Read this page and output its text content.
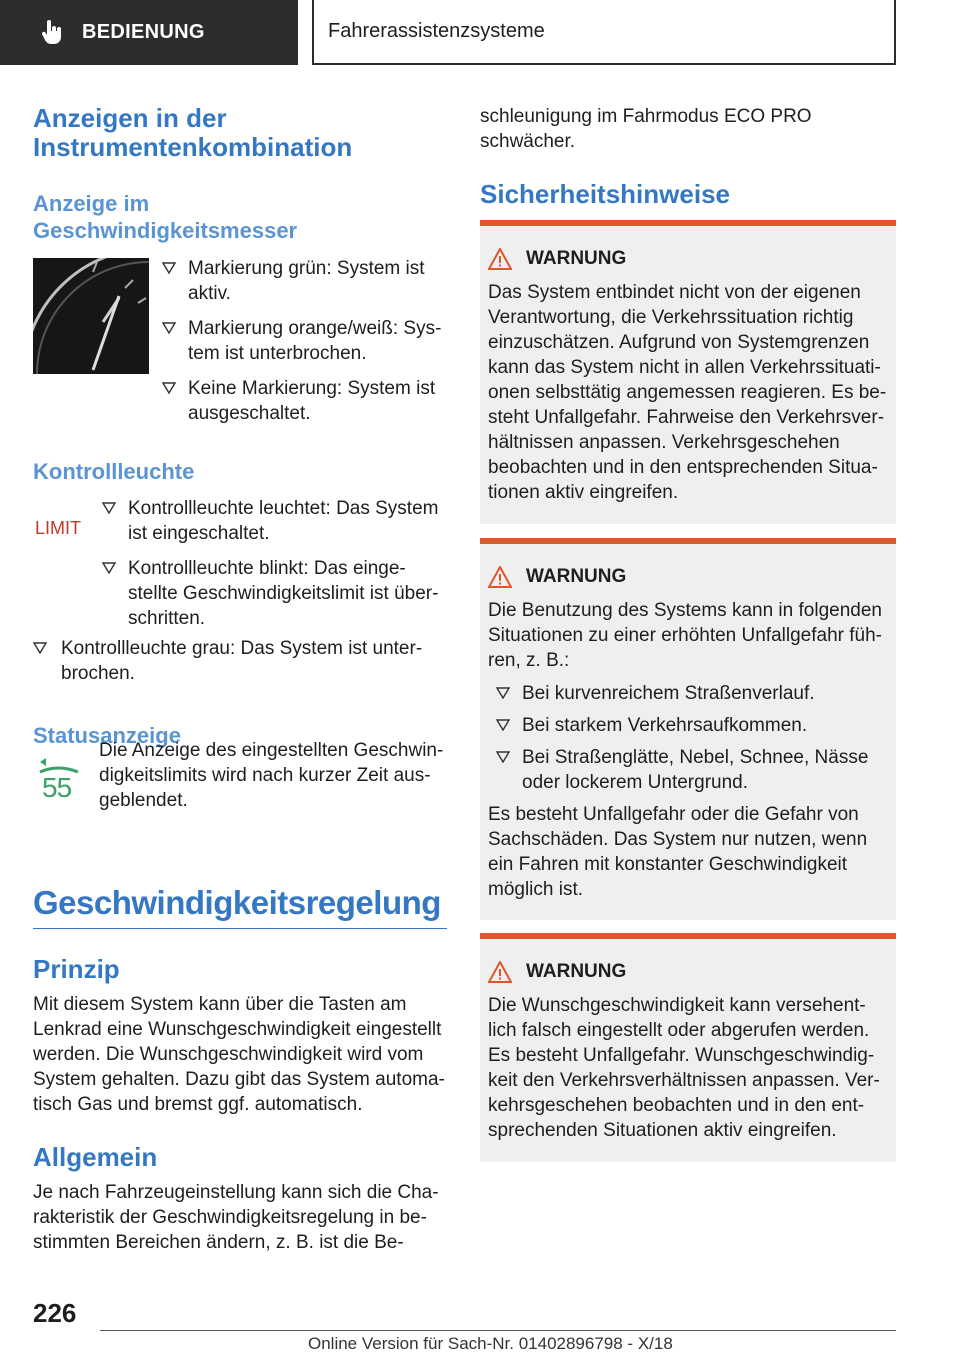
BEDIENUNG	Fahrerassistenzsysteme
Anzeigen in der Instrumentenkombination
Anzeige im Geschwindigkeitsmesser
Markierung grün: System ist aktiv.
Markierung orange/weiß: Sys-tem ist unterbrochen.
Keine Markierung: System ist ausgeschaltet.
Kontrollleuchte
LIMIT
Kontrollleuchte leuchtet: Das System ist eingeschaltet.
Kontrollleuchte blinkt: Das einge-stellte Geschwindigkeitslimit ist über-schritten.
Kontrollleuchte grau: Das System ist unter-brochen.
Statusanzeige
55

Die Anzeige des eingestellten Geschwin-digkeitslimits wird nach kurzer Zeit aus-geblendet.

Geschwindigkeitsregelung
Prinzip

Mit diesem System kann über die Tasten am Lenkrad eine Wunschgeschwindigkeit eingestellt werden. Die Wunschgeschwindigkeit wird vom System gehalten. Dazu gibt das System automa-tisch Gas und bremst ggf. automatisch.

Allgemein

Je nach Fahrzeugeinstellung kann sich die Cha-rakteristik der Geschwindigkeitsregelung in be-stimmten Bereichen ändern, z. B. ist die Be-

schleunigung im Fahrmodus ECO PRO schwächer.

Sicherheitshinweise
WARNUNG

Das System entbindet nicht von der eigenen Verantwortung, die Verkehrssituation richtig einzuschätzen. Aufgrund von Systemgrenzen kann das System nicht in allen Verkehrssituati-onen selbsttätig angemessen reagieren. Es be-steht Unfallgefahr. Fahrweise den Verkehrsver-hältnissen anpassen. Verkehrsgeschehen beobachten und in den entsprechenden Situa-tionen aktiv eingreifen.

WARNUNG

Die Benutzung des Systems kann in folgenden Situationen zu einer erhöhten Unfallgefahr füh-ren, z. B.:

Bei kurvenreichem Straßenverlauf.
Bei starkem Verkehrsaufkommen.
Bei Straßenglätte, Nebel, Schnee, Nässe oder lockerem Untergrund.

Es besteht Unfallgefahr oder die Gefahr von Sachschäden. Das System nur nutzen, wenn ein Fahren mit konstanter Geschwindigkeit möglich ist.

WARNUNG

Die Wunschgeschwindigkeit kann versehent-lich falsch eingestellt oder abgerufen werden. Es besteht Unfallgefahr. Wunschgeschwindig-keit den Verkehrsverhältnissen anpassen. Ver-kehrsgeschehen beobachten und in den ent-sprechenden Situationen aktiv eingreifen.

226
Online Version für Sach-Nr. 01402896798 - X/18
